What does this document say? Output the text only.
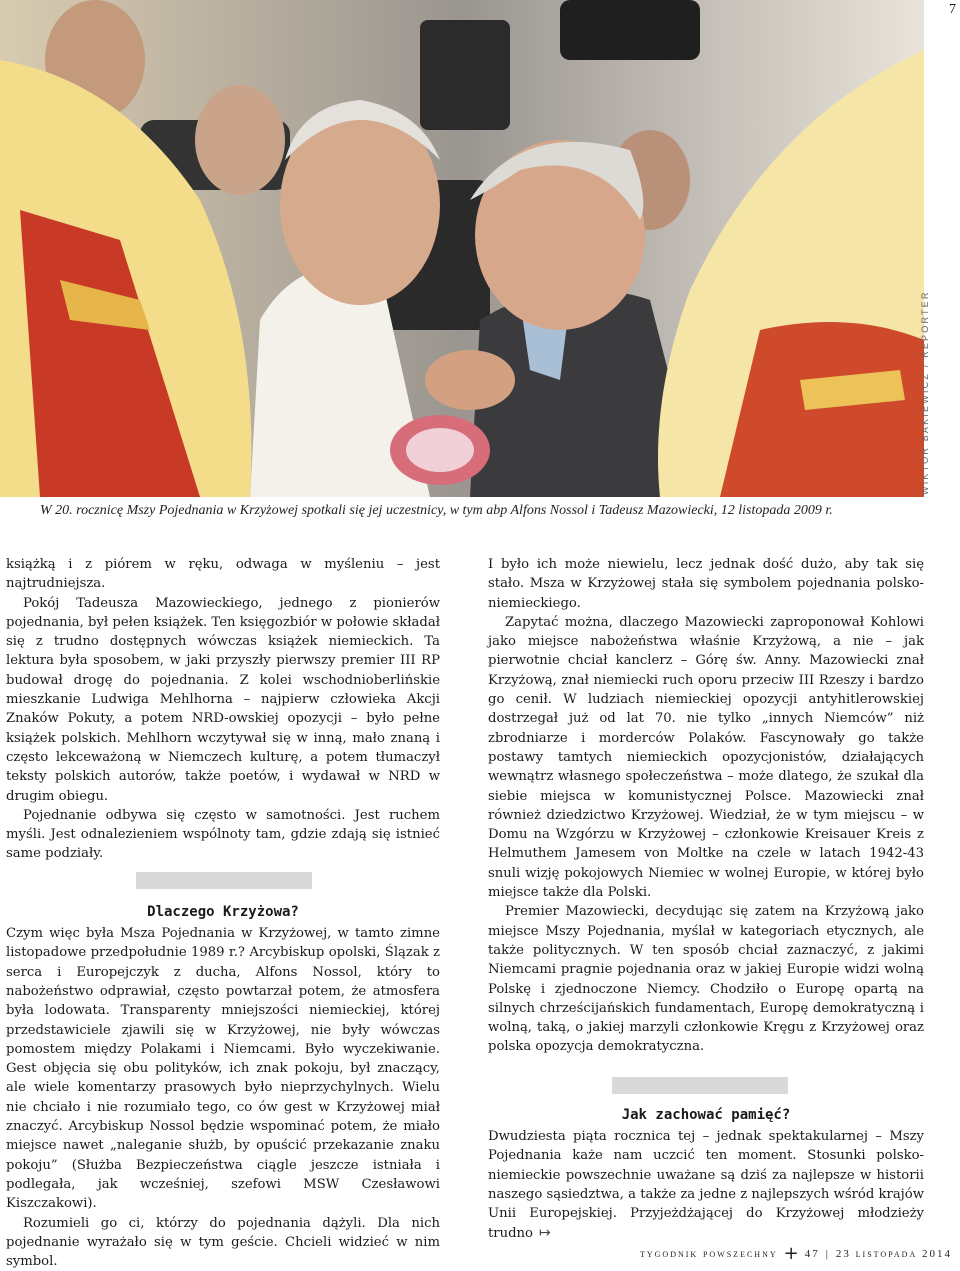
7
WIKTOR BAKIEWICZ / REPORTER
W 20. rocznicę Mszy Pojednania w Krzyżowej spotkali się jej uczestnicy, w tym abp Alfons Nossol i Tadeusz Mazowiecki, 12 listopada 2009 r.

książką i z piórem w ręku, odwaga w myśleniu – jest najtrudniejsza.

Pokój Tadeusza Mazowieckiego, jednego z pionierów pojednania, był pełen książek. Ten księgozbiór w połowie składał się z trudno dostępnych wówczas książek niemieckich. Ta lektura była sposobem, w jaki przyszły pierwszy premier III RP budował drogę do pojednania. Z kolei wschodnioberlińskie mieszkanie Ludwiga Mehlhorna – najpierw człowieka Akcji Znaków Pokuty, a potem NRD-owskiej opozycji – było pełne książek polskich. Mehlhorn wczytywał się w inną, mało znaną i często lekceważoną w Niemczech kulturę, a potem tłumaczył teksty polskich autorów, także poetów, i wydawał w NRD w drugim obiegu.

Pojednanie odbywa się często w samotności. Jest ruchem myśli. Jest odnalezieniem wspólnoty tam, gdzie zdają się istnieć same podziały.

Dlaczego Krzyżowa?

Czym więc była Msza Pojednania w Krzyżowej, w tamto zimne listopadowe przedpołudnie 1989 r.? Arcybiskup opolski, Ślązak z serca i Europejczyk z ducha, Alfons Nossol, który to nabożeństwo odprawiał, często powtarzał potem, że atmosfera była lodowata. Transparenty mniejszości niemieckiej, której przedstawiciele zjawili się w Krzyżowej, nie były wówczas pomostem między Polakami i Niemcami. Było wyczekiwanie. Gest objęcia się obu polityków, ich znak pokoju, był znaczący, ale wiele komentarzy prasowych było nieprzychylnych. Wielu nie chciało i nie rozumiało tego, co ów gest w Krzyżowej miał znaczyć. Arcybiskup Nossol będzie wspominać potem, że miało miejsce nawet „naleganie służb, by opuścić przekazanie znaku pokoju” (Służba Bezpieczeństwa ciągle jeszcze istniała i podlegała, jak wcześniej, szefowi MSW Czesławowi Kiszczakowi).

Rozumieli go ci, którzy do pojednania dążyli. Dla nich pojednanie wyrażało się w tym geście. Chcieli widzieć w nim symbol.

I było ich może niewielu, lecz jednak dość dużo, aby tak się stało. Msza w Krzyżowej stała się symbolem pojednania polsko-niemieckiego.

Zapytać można, dlaczego Mazowiecki zaproponował Kohlowi jako miejsce nabożeństwa właśnie Krzyżową, a nie – jak pierwotnie chciał kanclerz – Górę św. Anny. Mazowiecki znał Krzyżową, znał niemiecki ruch oporu przeciw III Rzeszy i bardzo go cenił. W ludziach niemieckiej opozycji antyhitlerowskiej dostrzegał już od lat 70. nie tylko „innych Niemców” niż zbrodniarze i morderców Polaków. Fascynowały go także postawy tamtych niemieckich opozycjonistów, działających wewnątrz własnego społeczeństwa – może dlatego, że szukał dla siebie miejsca w komunistycznej Polsce. Mazowiecki znał również dziedzictwo Krzyżowej. Wiedział, że w tym miejscu – w Domu na Wzgórzu w Krzyżowej – członkowie Kreisauer Kreis z Helmuthem Jamesem von Moltke na czele w latach 1942-43 snuli wizję pokojowych Niemiec w wolnej Europie, w której było miejsce także dla Polski.

Premier Mazowiecki, decydując się zatem na Krzyżową jako miejsce Mszy Pojednania, myślał w kategoriach etycznych, ale także politycznych. W ten sposób chciał zaznaczyć, z jakimi Niemcami pragnie pojednania oraz w jakiej Europie widzi wolną Polskę i zjednoczone Niemcy. Chodziło o Europę opartą na silnych chrześcijańskich fundamentach, Europę demokratyczną i wolną, taką, o jakiej marzyli członkowie Kręgu z Krzyżowej oraz polska opozycja demokratyczna.

Jak zachować pamięć?

Dwudziesta piąta rocznica tej – jednak spektakularnej – Mszy Pojednania każe nam uczcić ten moment. Stosunki polsko-niemieckie powszechnie uważane są dziś za najlepsze w historii naszego sąsiedztwa, a także za jedne z najlepszych wśród krajów Unii Europejskiej. Przyjeżdżającej do Krzyżowej młodzieży trudno ↦

tygodnik powszechny + 47 | 23 listopada 2014
